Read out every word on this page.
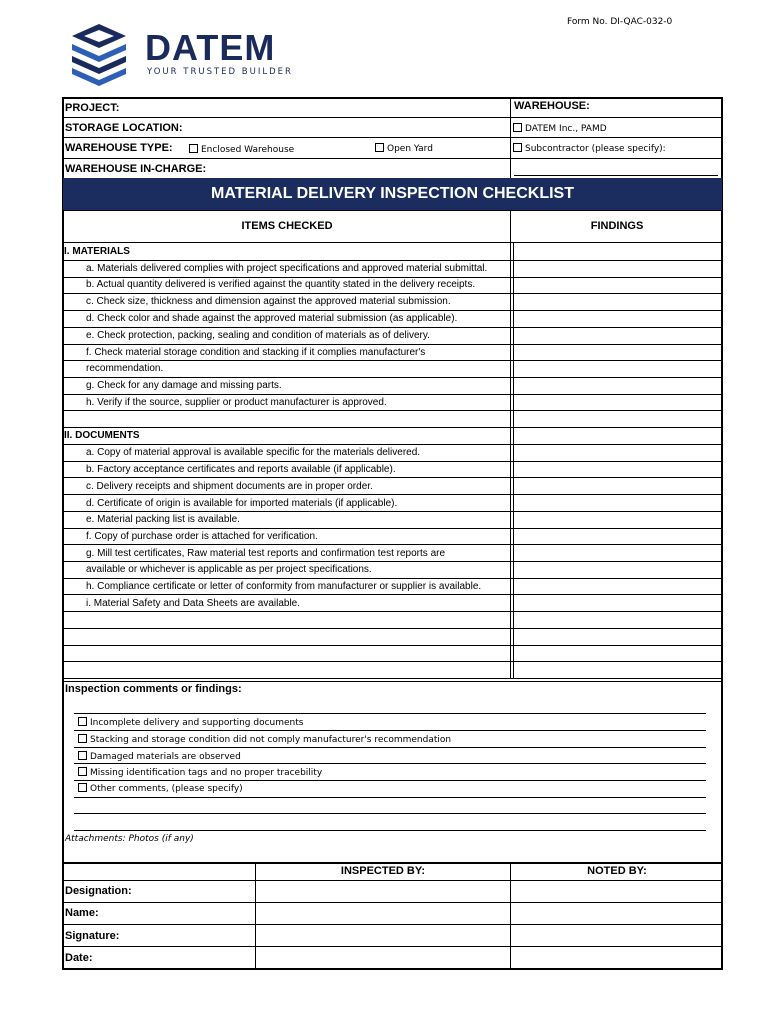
Form No. DI-QAC-032-0
DATEM
YOUR TRUSTED BUILDER
PROJECT:	WAREHOUSE:
STORAGE LOCATION:	DATEM Inc., PAMD
WAREHOUSE TYPE:	Enclosed Warehouse	Open Yard	Subcontractor (please specify):
WAREHOUSE IN-CHARGE:
MATERIAL DELIVERY INSPECTION CHECKLIST
ITEMS CHECKED	FINDINGS
I. MATERIALS
a. Materials delivered complies with project specifications and approved material submittal.
b. Actual quantity delivered is verified against the quantity stated in the delivery receipts.
c. Check size, thickness and dimension against the approved material submission.
d. Check color and shade against the approved material submission (as applicable).
e. Check protection, packing, sealing and condition of materials as of delivery.
f. Check material storage condition and stacking if it complies manufacturer's
recommendation.
g. Check for any damage and missing parts.
h. Verify if the source, supplier or product manufacturer is approved.
II. DOCUMENTS
a. Copy of material approval is available specific for the materials delivered.
b. Factory acceptance certificates and reports available (if applicable).
c. Delivery receipts and shipment documents are in proper order.
d. Certificate of origin is available for imported materials (if applicable).
e. Material packing list is available.
f. Copy of purchase order is attached for verification.
g. Mill test certificates, Raw material test reports and confirmation test reports are
available or whichever is applicable as per project specifications.
h. Compliance certificate or letter of conformity from manufacturer or supplier is available.
i. Material Safety and Data Sheets are available.
Inspection comments or findings:
Incomplete delivery and supporting documents
Stacking and storage condition did not comply manufacturer's recommendation
Damaged materials are observed
Missing identification tags and no proper tracebility
Other comments, (please specify)
Attachments: Photos (if any)
INSPECTED BY:	NOTED BY:
Designation:
Name:
Signature:
Date:
